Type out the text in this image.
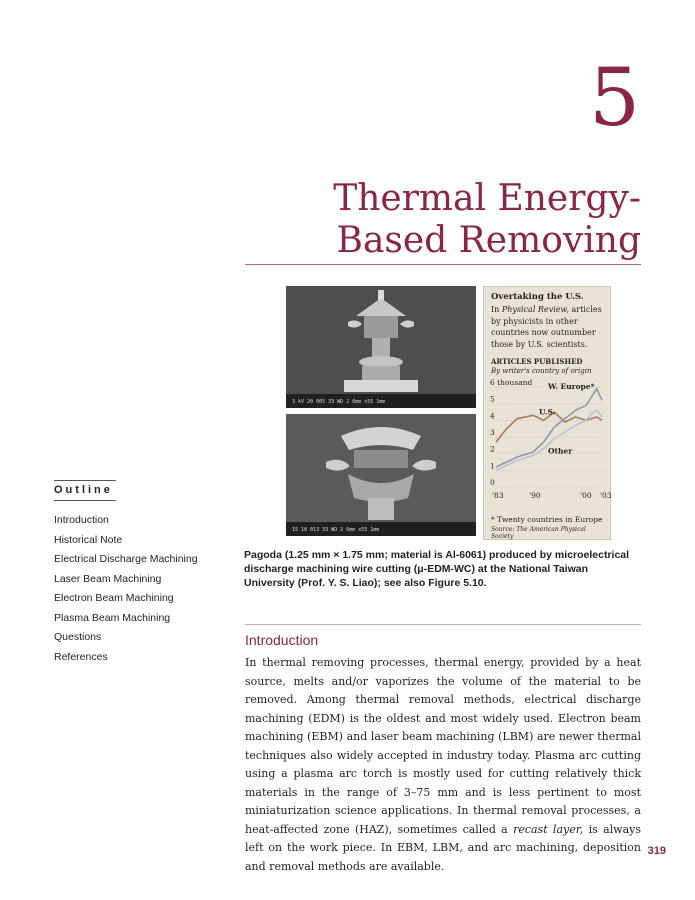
5
Thermal Energy-
Based Removing
3 kV 20 005 33 WD 2 6mm x55 1mm
15 18 013 33 WD 2 6mm x55 1mm
Overtaking the U.S.
In Physical Review, articles by physicists in other countries now outnumber those by U.S. scientists.
ARTICLES PUBLISHED
By writer's country of origin
6 thousand
5
4
3
2
1
0
'83	'90	'00 '03
U.S.
W. Europe*
Other
* Twenty countries in Europe
Source: The American Physical Society
Pagoda (1.25 mm × 1.75 mm; material is Al-6061) produced by microelectrical discharge machining wire cutting (μ-EDM-WC) at the National Taiwan University (Prof. Y. S. Liao); see also Figure 5.10.
Outline
Introduction
Historical Note
Electrical Discharge Machining
Laser Beam Machining
Electron Beam Machining
Plasma Beam Machining
Questions
References
Introduction
In thermal removing processes, thermal energy, provided by a heat source, melts and/or vaporizes the volume of the material to be removed. Among thermal removal methods, electrical discharge machining (EDM) is the oldest and most widely used. Electron beam machining (EBM) and laser beam machining (LBM) are newer thermal techniques also widely accepted in industry today. Plasma arc cutting using a plasma arc torch is mostly used for cutting relatively thick materials in the range of 3–75 mm and is less pertinent to most miniaturization science applications. In thermal removal processes, a heat-affected zone (HAZ), sometimes called a recast layer, is always left on the work piece. In EBM, LBM, and arc machining, deposition and removal methods are available.
319
